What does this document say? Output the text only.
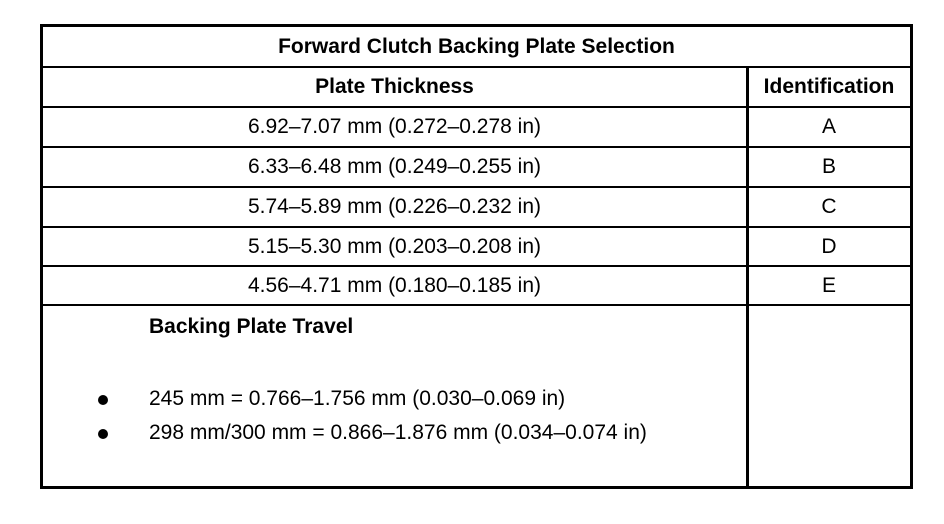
Forward Clutch Backing Plate Selection
Plate Thickness	Identification
6.92–7.07 mm (0.272–0.278 in)	A
6.33–6.48 mm (0.249–0.255 in)	B
5.74–5.89 mm (0.226–0.232 in)	C
5.15–5.30 mm (0.203–0.208 in)	D
4.56–4.71 mm (0.180–0.185 in)	E
Backing Plate Travel
245 mm = 0.766–1.756 mm (0.030–0.069 in)
298 mm/300 mm = 0.866–1.876 mm (0.034–0.074 in)
